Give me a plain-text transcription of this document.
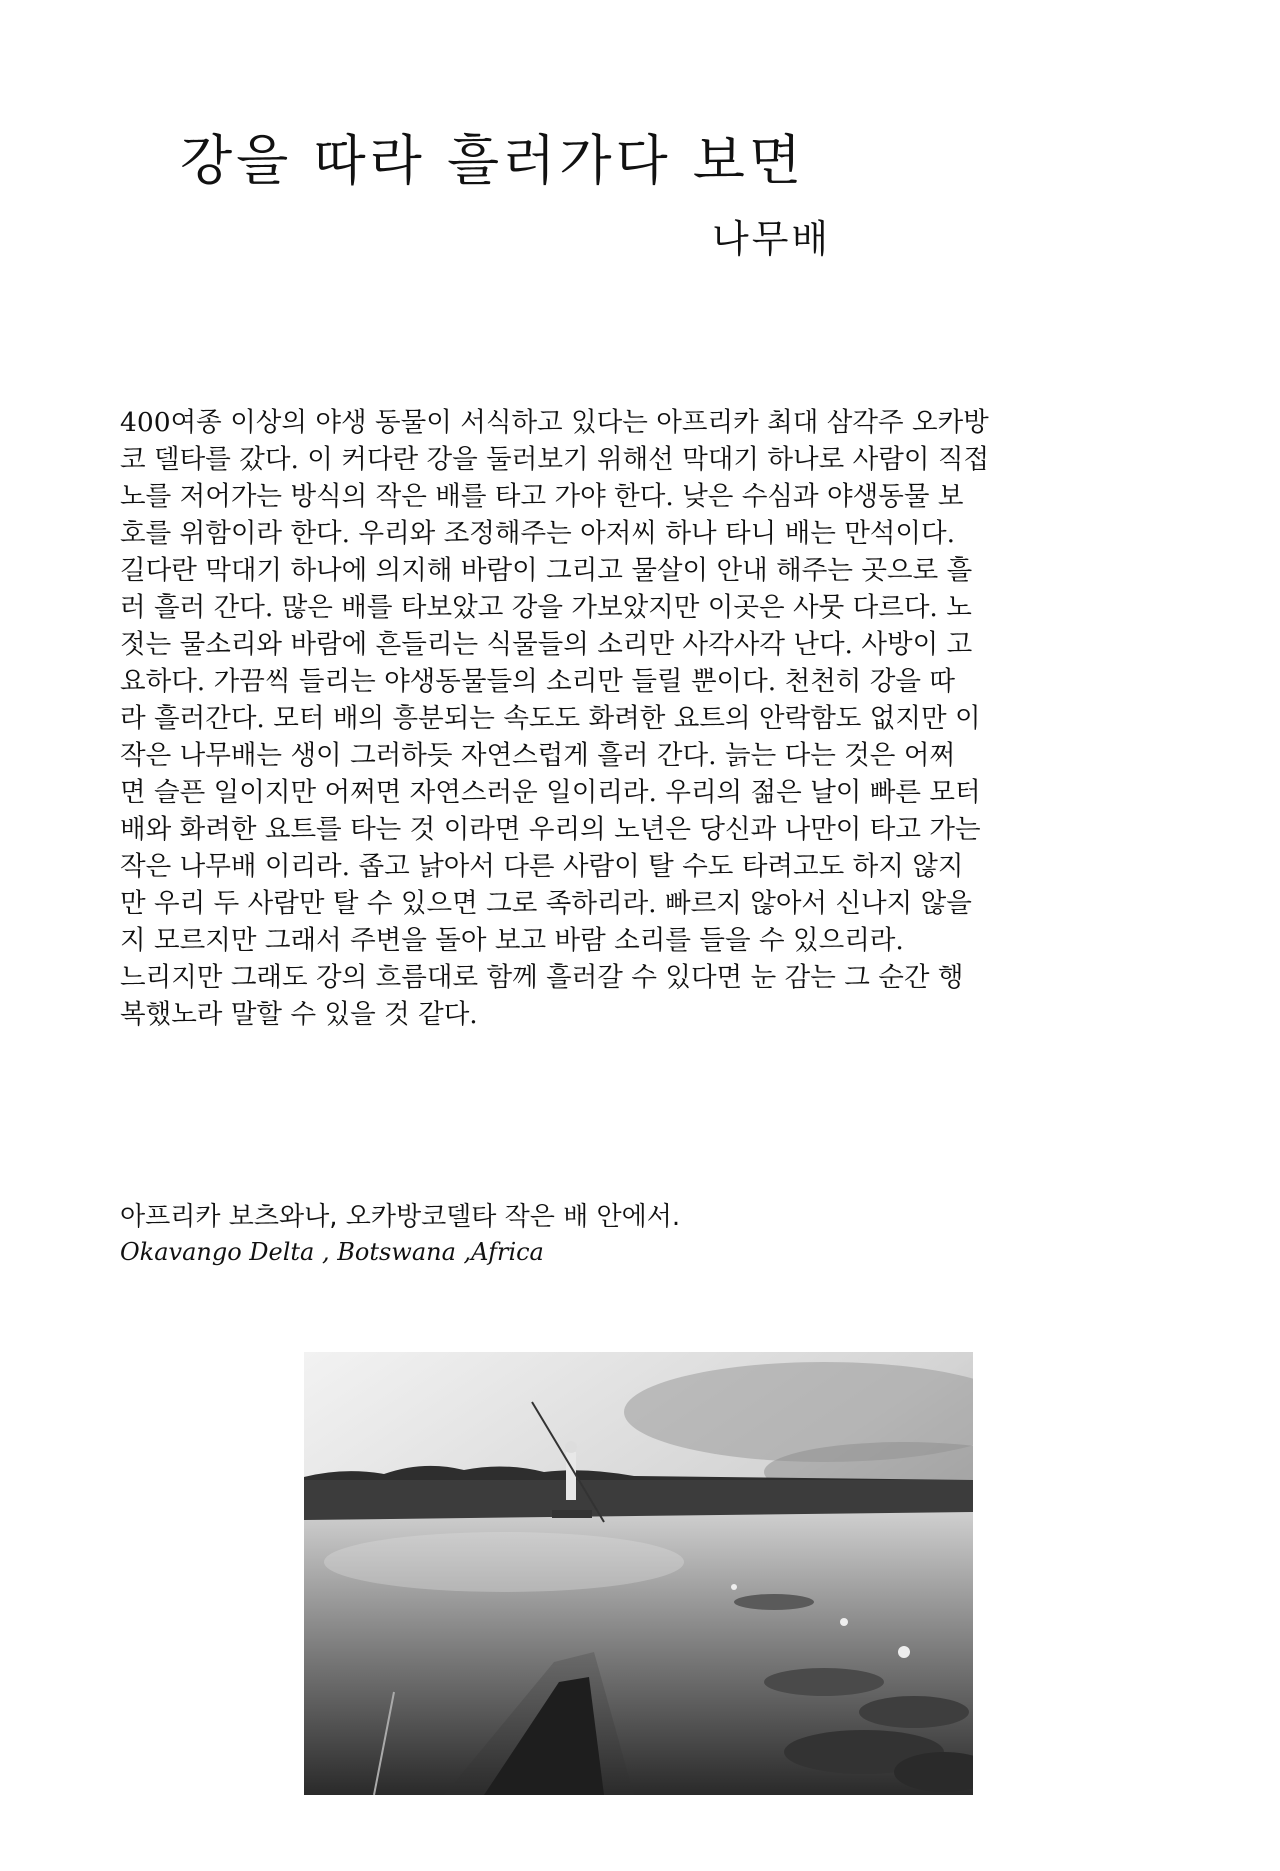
강을 따라 흘러가다 보면
나무배

400여종 이상의 야생 동물이 서식하고 있다는 아프리카 최대 삼각주 오카방
코 델타를 갔다. 이 커다란 강을 둘러보기 위해선 막대기 하나로 사람이 직접
노를 저어가는 방식의 작은 배를 타고 가야 한다. 낮은 수심과 야생동물 보
호를 위함이라 한다. 우리와 조정해주는 아저씨 하나 타니 배는 만석이다.
길다란 막대기 하나에 의지해 바람이 그리고 물살이 안내 해주는 곳으로 흘
러 흘러 간다. 많은 배를 타보았고 강을 가보았지만 이곳은 사뭇 다르다. 노
젓는 물소리와 바람에 흔들리는 식물들의 소리만 사각사각 난다. 사방이 고
요하다. 가끔씩 들리는 야생동물들의 소리만 들릴 뿐이다. 천천히 강을 따
라 흘러간다. 모터 배의 흥분되는 속도도 화려한 요트의 안락함도 없지만 이
작은 나무배는 생이 그러하듯 자연스럽게 흘러 간다. 늙는 다는 것은 어쩌
면 슬픈 일이지만 어쩌면 자연스러운 일이리라. 우리의 젊은 날이 빠른 모터
배와 화려한 요트를 타는 것 이라면 우리의 노년은 당신과 나만이 타고 가는
작은 나무배 이리라. 좁고 낡아서 다른 사람이 탈 수도 타려고도 하지 않지
만 우리 두 사람만 탈 수 있으면 그로 족하리라. 빠르지 않아서 신나지 않을
지 모르지만 그래서 주변을 돌아 보고 바람 소리를 들을 수 있으리라.
느리지만 그래도 강의 흐름대로 함께 흘러갈 수 있다면 눈 감는 그 순간 행
복했노라 말할 수 있을 것 같다.

아프리카 보츠와나, 오카방코델타 작은 배 안에서.
Okavango Delta , Botswana ,Africa
